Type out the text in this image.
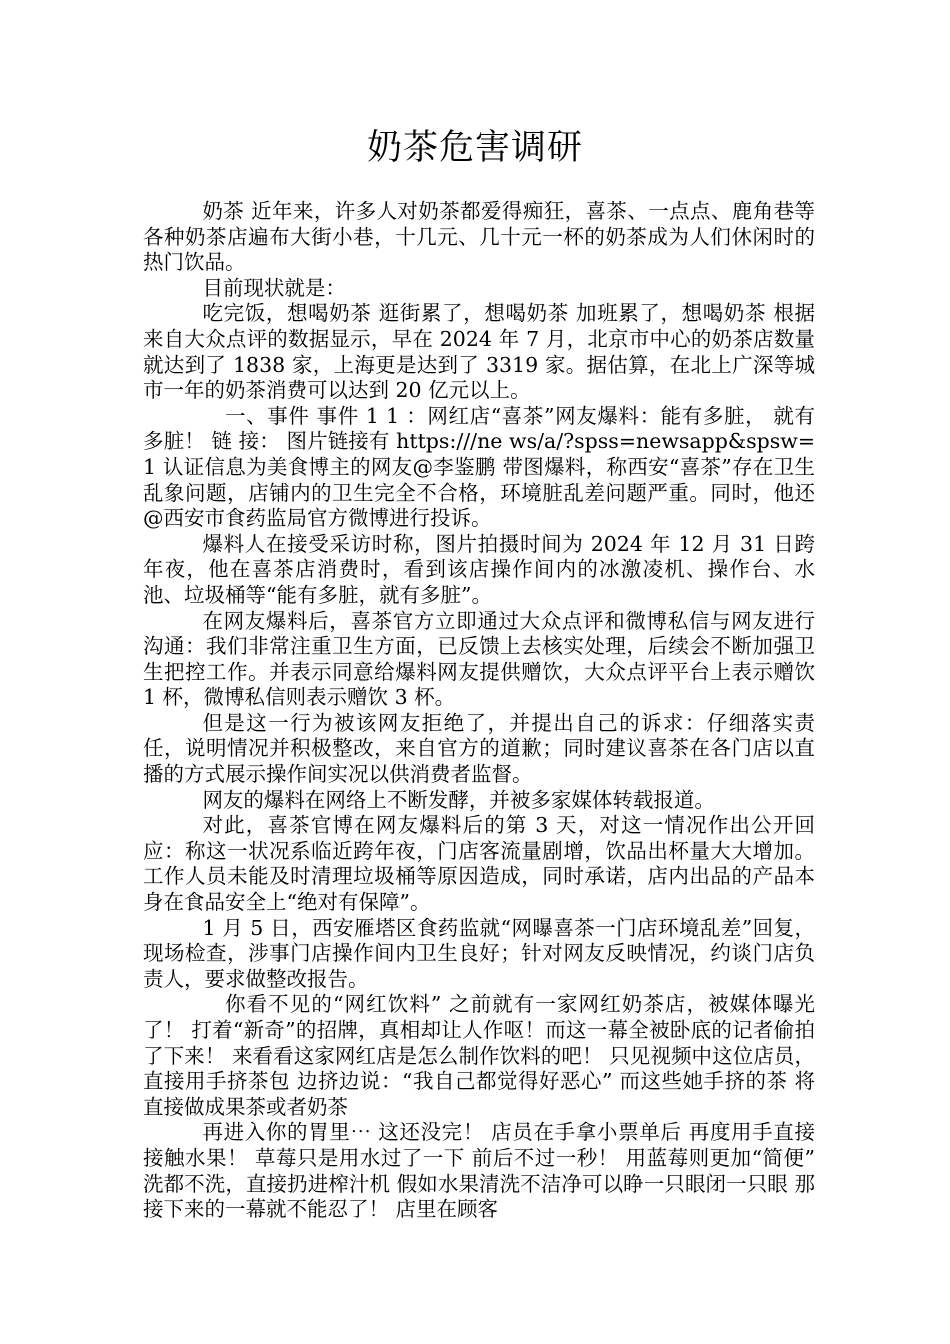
奶茶危害调研

奶茶 近年来，许多人对奶茶都爱得痴狂，喜茶、一点点、鹿角巷等各种奶茶店遍布大街小巷，十几元、几十元一杯的奶茶成为人们休闲时的热门饮品。

目前现状就是：

吃完饭，想喝奶茶 逛街累了，想喝奶茶 加班累了，想喝奶茶 根据来自大众点评的数据显示，早在 2024 年 7 月，北京市中心的奶茶店数量就达到了 1838 家，上海更是达到了 3319 家。据估算，在北上广深等城市一年的奶茶消费可以达到 20 亿元以上。

一、事件 事件 1 1 ：网红店“喜茶”网友爆料：能有多脏， 就有多脏！ 链 接： 图片链接有 https:///ne ws/a/?spss=newsapp&spsw=1 认证信息为美食博主的网友@李鉴鹏 带图爆料，称西安“喜茶”存在卫生乱象问题，店铺内的卫生完全不合格，环境脏乱差问题严重。同时，他还@西安市食药监局官方微博进行投诉。

爆料人在接受采访时称，图片拍摄时间为 2024 年 12 月 31 日跨年夜，他在喜茶店消费时，看到该店操作间内的冰激凌机、操作台、水池、垃圾桶等“能有多脏，就有多脏”。

在网友爆料后，喜茶官方立即通过大众点评和微博私信与网友进行沟通：我们非常注重卫生方面，已反馈上去核实处理，后续会不断加强卫生把控工作。并表示同意给爆料网友提供赠饮，大众点评平台上表示赠饮 1 杯，微博私信则表示赠饮 3 杯。

但是这一行为被该网友拒绝了，并提出自己的诉求：仔细落实责任，说明情况并积极整改，来自官方的道歉；同时建议喜茶在各门店以直播的方式展示操作间实况以供消费者监督。

网友的爆料在网络上不断发酵，并被多家媒体转载报道。

对此，喜茶官博在网友爆料后的第 3 天，对这一情况作出公开回应：称这一状况系临近跨年夜，门店客流量剧增，饮品出杯量大大增加。工作人员未能及时清理垃圾桶等原因造成，同时承诺，店内出品的产品本身在食品安全上“绝对有保障”。

1 月 5 日，西安雁塔区食药监就“网曝喜茶一门店环境乱差”回复，现场检查，涉事门店操作间内卫生良好；针对网友反映情况，约谈门店负责人，要求做整改报告。

你看不见的“网红饮料” 之前就有一家网红奶茶店，被媒体曝光了！ 打着“新奇”的招牌，真相却让人作呕！而这一幕全被卧底的记者偷拍了下来！ 来看看这家网红店是怎么制作饮料的吧！ 只见视频中这位店员，直接用手挤茶包 边挤边说：“我自己都觉得好恶心” 而这些她手挤的茶 将直接做成果茶或者奶茶

再进入你的胃里⋯ 这还没完！ 店员在手拿小票单后 再度用手直接接触水果！ 草莓只是用水过了一下 前后不过一秒！ 用蓝莓则更加“简便” 洗都不洗，直接扔进榨汁机 假如水果清洗不洁净可以睁一只眼闭一只眼 那接下来的一幕就不能忍了！ 店里在顾客
